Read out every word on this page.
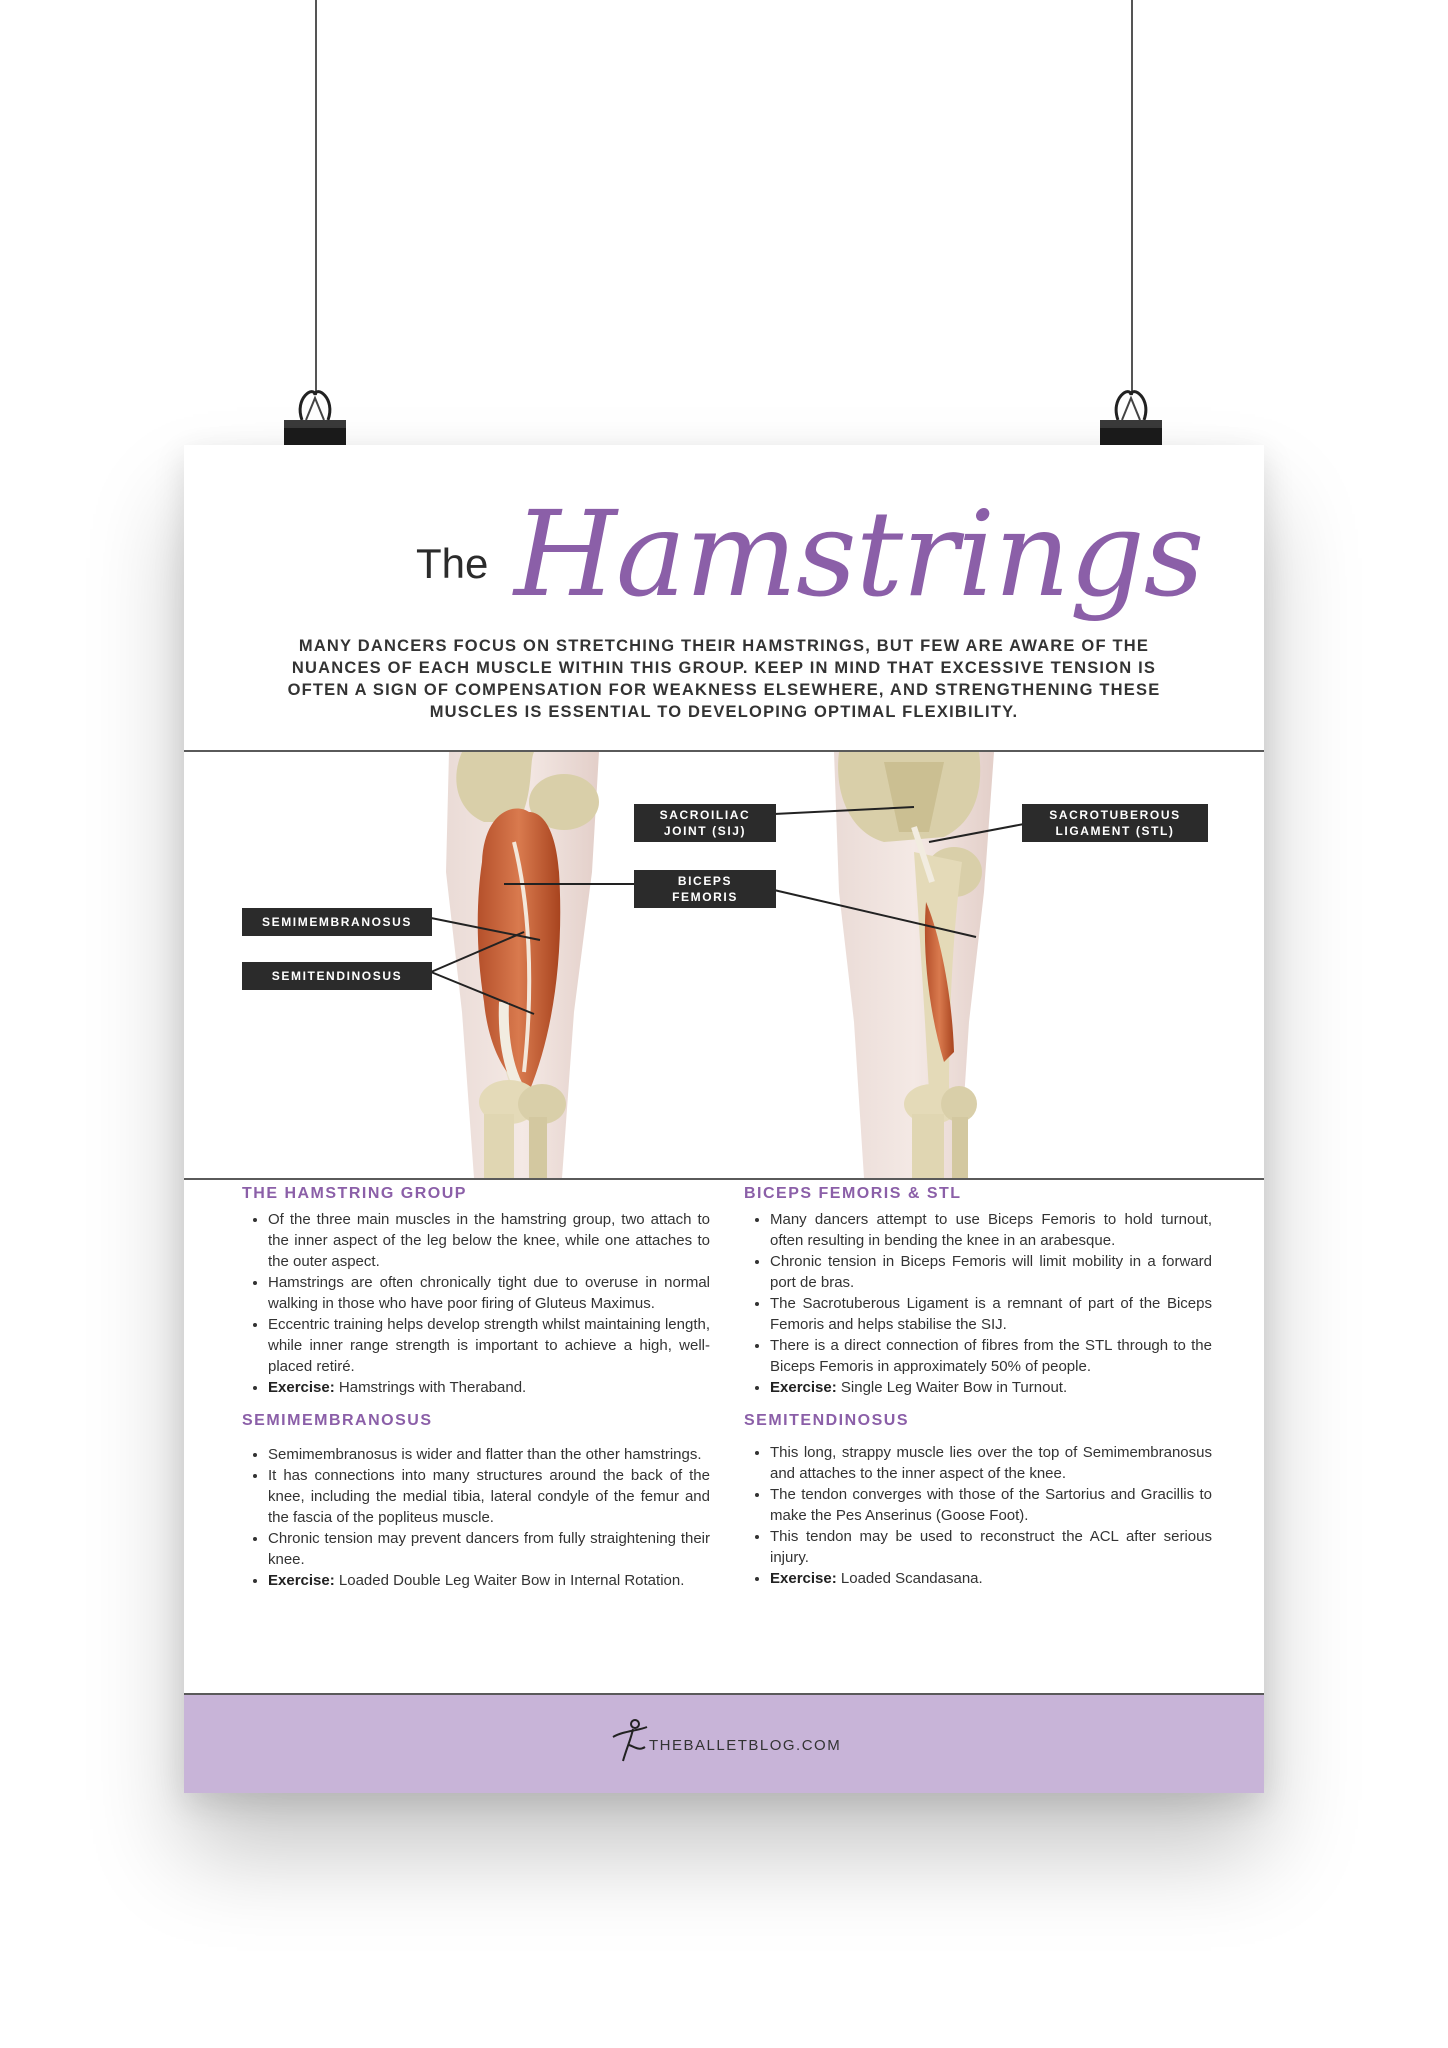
The Hamstrings
MANY DANCERS FOCUS ON STRETCHING THEIR HAMSTRINGS, BUT FEW ARE AWARE OF THE NUANCES OF EACH MUSCLE WITHIN THIS GROUP. KEEP IN MIND THAT EXCESSIVE TENSION IS OFTEN A SIGN OF COMPENSATION FOR WEAKNESS ELSEWHERE, AND STRENGTHENING THESE MUSCLES IS ESSENTIAL TO DEVELOPING OPTIMAL FLEXIBILITY.
SEMIMEMBRANOSUS
SEMITENDINOSUS
BICEPS
FEMORIS
SACROILIAC
JOINT (SIJ)
SACROTUBEROUS
LIGAMENT (STL)
THE HAMSTRING GROUP
• Of the three main muscles in the hamstring group, two attach to the inner aspect of the leg below the knee, while one attaches to the outer aspect.
• Hamstrings are often chronically tight due to overuse in normal walking in those who have poor firing of Gluteus Maximus.
• Eccentric training helps develop strength whilst maintaining length, while inner range strength is important to achieve a high, well-placed retiré.
• Exercise: Hamstrings with Theraband.
SEMIMEMBRANOSUS
• Semimembranosus is wider and flatter than the other hamstrings.
• It has connections into many structures around the back of the knee, including the medial tibia, lateral condyle of the femur and the fascia of the popliteus muscle.
• Chronic tension may prevent dancers from fully straightening their knee.
• Exercise: Loaded Double Leg Waiter Bow in Internal Rotation.
BICEPS FEMORIS & STL
• Many dancers attempt to use Biceps Femoris to hold turnout, often resulting in bending the knee in an arabesque.
• Chronic tension in Biceps Femoris will limit mobility in a forward port de bras.
• The Sacrotuberous Ligament is a remnant of part of the Biceps Femoris and helps stabilise the SIJ.
• There is a direct connection of fibres from the STL through to the Biceps Femoris in approximately 50% of people.
• Exercise: Single Leg Waiter Bow in Turnout.
SEMITENDINOSUS
• This long, strappy muscle lies over the top of Semimembranosus and attaches to the inner aspect of the knee.
• The tendon converges with those of the Sartorius and Gracillis to make the Pes Anserinus (Goose Foot).
• This tendon may be used to reconstruct the ACL after serious injury.
• Exercise: Loaded Scandasana.
THEBALLETBLOG.COM
